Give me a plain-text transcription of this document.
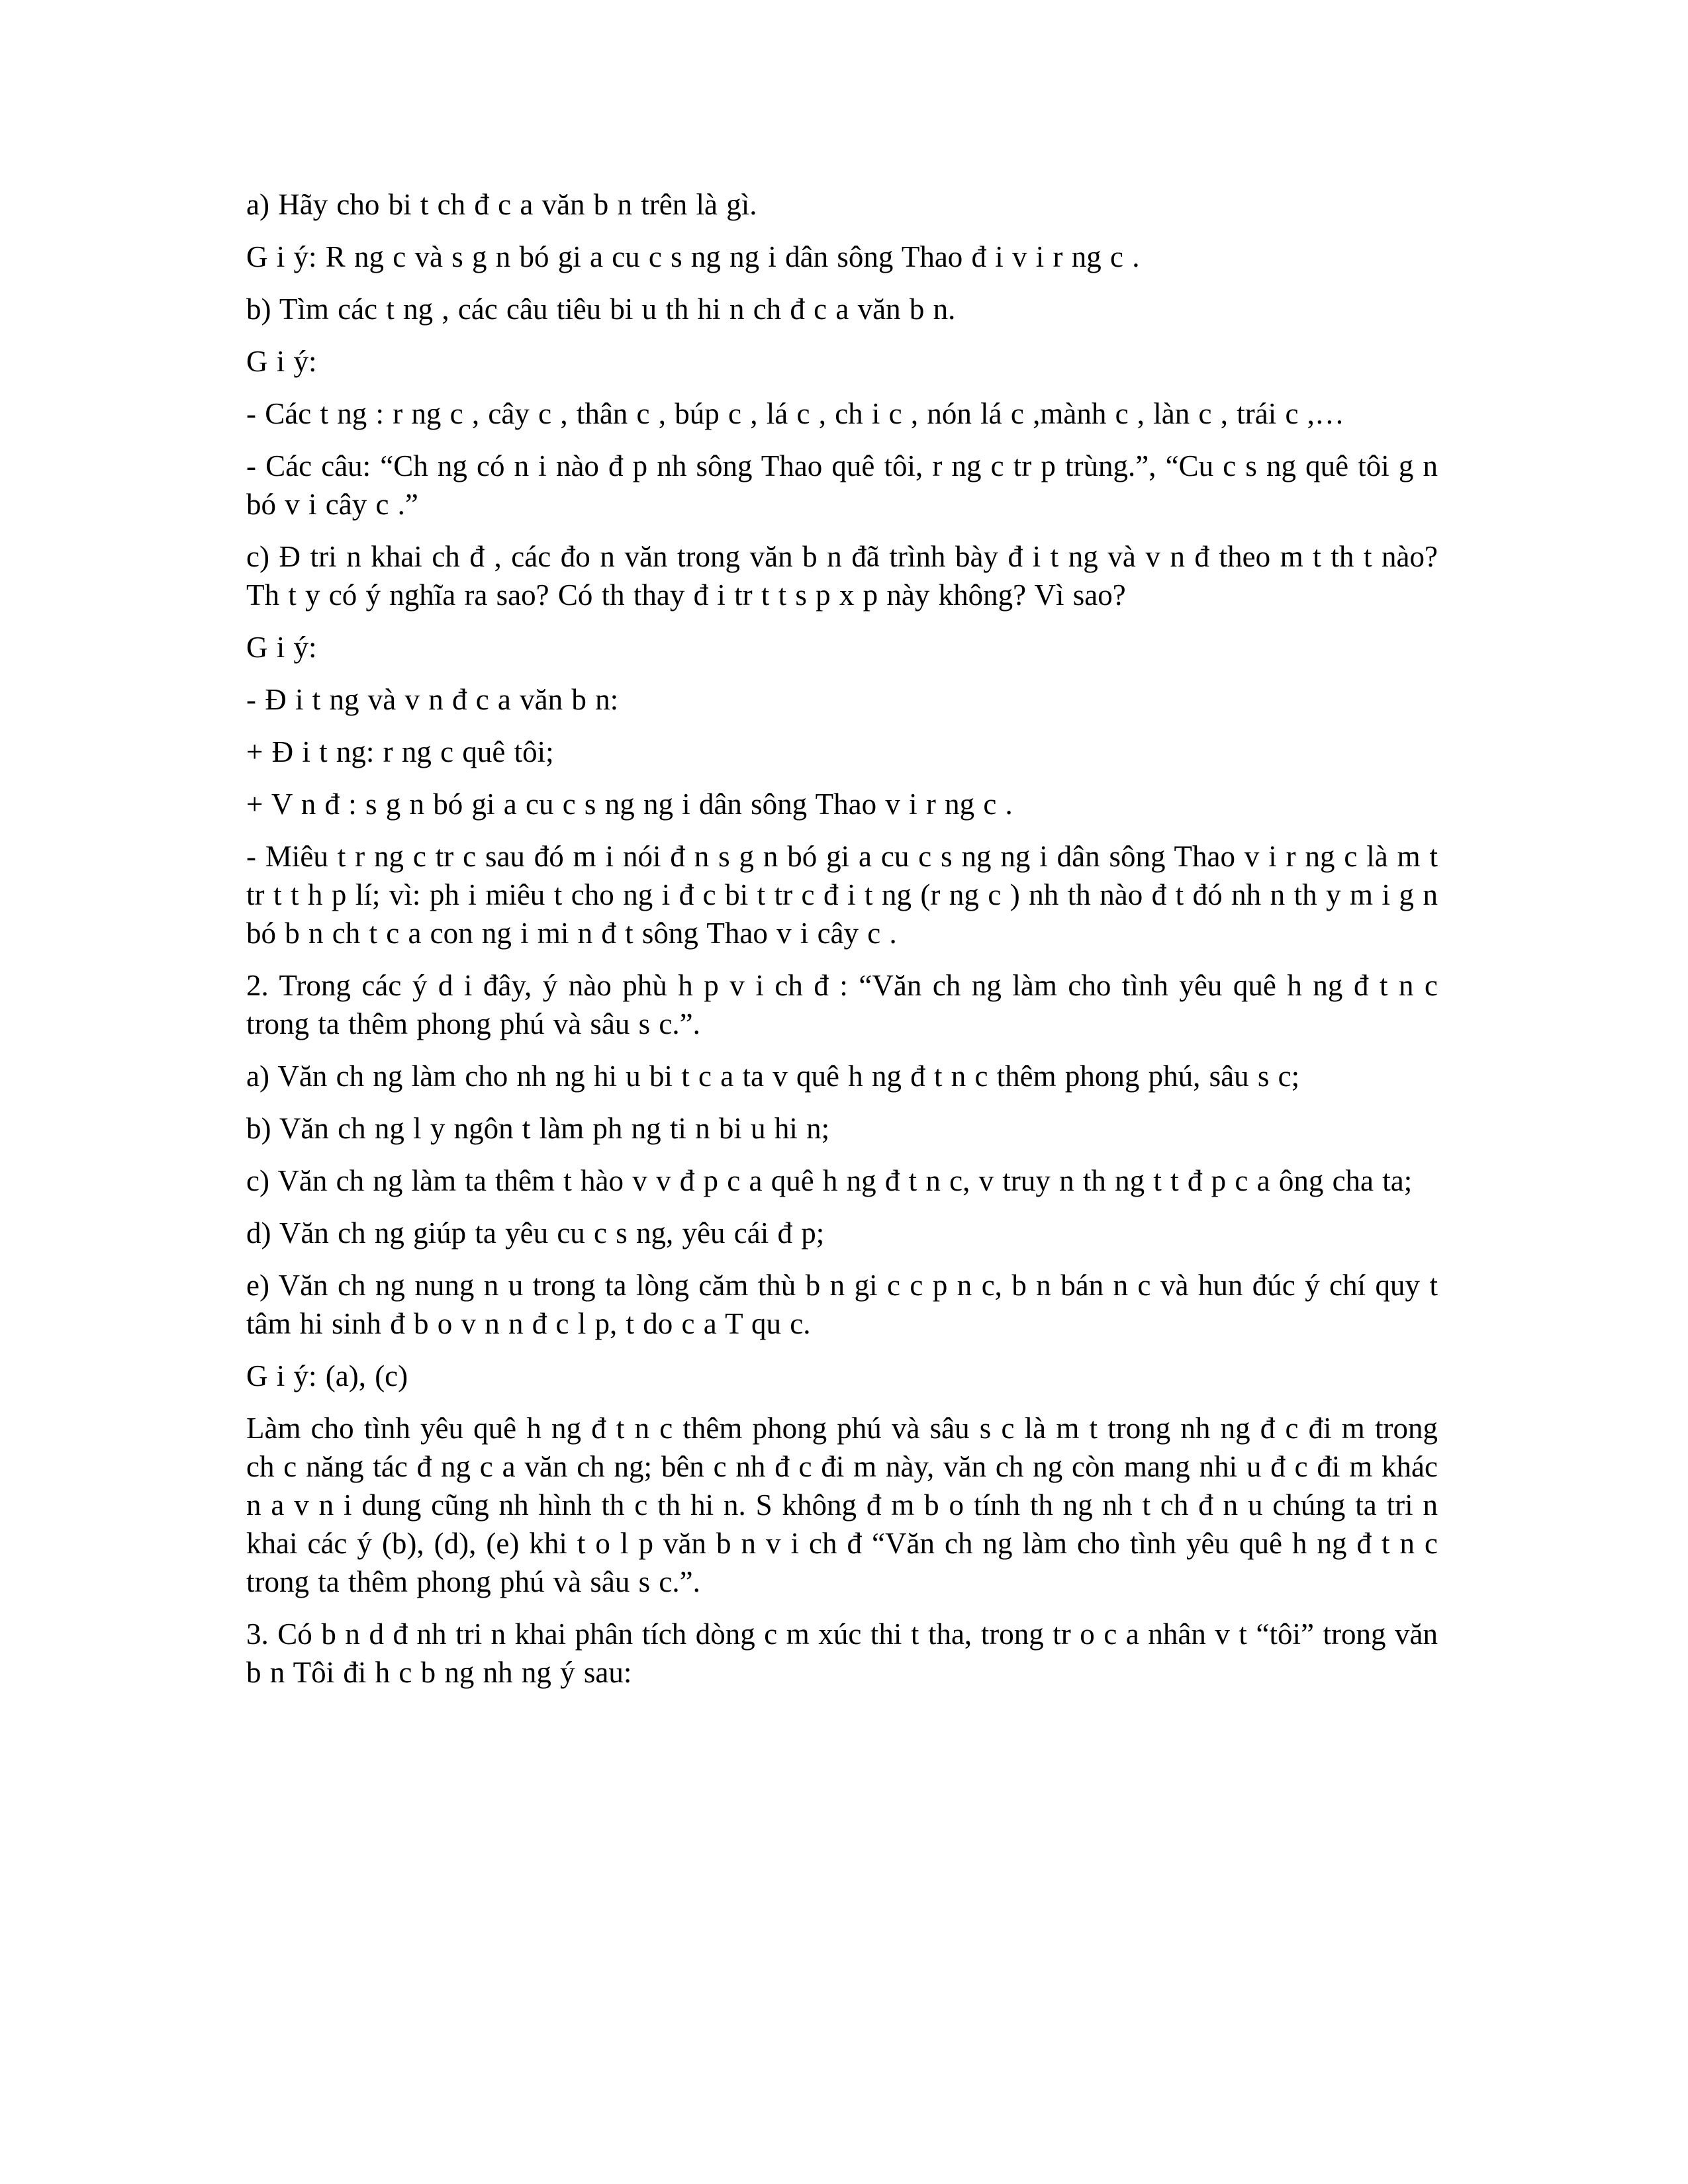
a) Hãy cho bi t ch đ c a văn b n trên là gì.

G i ý: R ng c và s g n bó gi a cu c s ng ng i dân sông Thao đ i v i r ng c .

b) Tìm các t ng , các câu tiêu bi u th hi n ch đ c a văn b n.

G i ý:

- Các t ng : r ng c , cây c , thân c , búp c , lá c , ch i c , nón lá c ,mành c , làn c , trái c ,…

- Các câu: “Ch ng có n i nào đ p nh sông Thao quê tôi, r ng c tr p trùng.”, “Cu c s ng quê tôi g n bó v i cây c .”

c) Đ tri n khai ch đ , các đo n văn trong văn b n đã trình bày đ i t ng và v n đ theo m t th t nào? Th t y có ý nghĩa ra sao? Có th thay đ i tr t t s p x p này không? Vì sao?

G i ý:

- Đ i t ng và v n đ c a văn b n:

+ Đ i t ng: r ng c quê tôi;

+ V n đ : s g n bó gi a cu c s ng ng i dân sông Thao v i r ng c .

- Miêu t r ng c tr c sau đó m i nói đ n s g n bó gi a cu c s ng ng i dân sông Thao v i r ng c là m t tr t t h p lí; vì: ph i miêu t cho ng i đ c bi t tr c đ i t ng (r ng c ) nh th nào đ t đó nh n th y m i g n bó b n ch t c a con ng i mi n đ t sông Thao v i cây c .

2. Trong các ý d i đây, ý nào phù h p v i ch đ : “Văn ch ng làm cho tình yêu quê h ng đ t n c trong ta thêm phong phú và sâu s c.”.

a) Văn ch ng làm cho nh ng hi u bi t c a ta v quê h ng đ t n c thêm phong phú, sâu s c;

b) Văn ch ng l y ngôn t làm ph ng ti n bi u hi n;

c) Văn ch ng làm ta thêm t hào v v đ p c a quê h ng đ t n c, v truy n th ng t t đ p c a ông cha ta;

d) Văn ch ng giúp ta yêu cu c s ng, yêu cái đ p;

e) Văn ch ng nung n u trong ta lòng căm thù b n gi c c p n c, b n bán n c và hun đúc ý chí quy t tâm hi sinh đ b o v n n đ c l p, t do c a T qu c.

G i ý: (a), (c)

Làm cho tình yêu quê h ng đ t n c thêm phong phú và sâu s c là m t trong nh ng đ c đi m trong ch c năng tác đ ng c a văn ch ng; bên c nh đ c đi m này, văn ch ng còn mang nhi u đ c đi m khác n a v n i dung cũng nh hình th c th hi n. S không đ m b o tính th ng nh t ch đ n u chúng ta tri n khai các ý (b), (d), (e) khi t o l p văn b n v i ch đ “Văn ch ng làm cho tình yêu quê h ng đ t n c trong ta thêm phong phú và sâu s c.”.

3. Có b n d đ nh tri n khai phân tích dòng c m xúc thi t tha, trong tr o c a nhân v t “tôi” trong văn b n Tôi đi h c b ng nh ng ý sau:
